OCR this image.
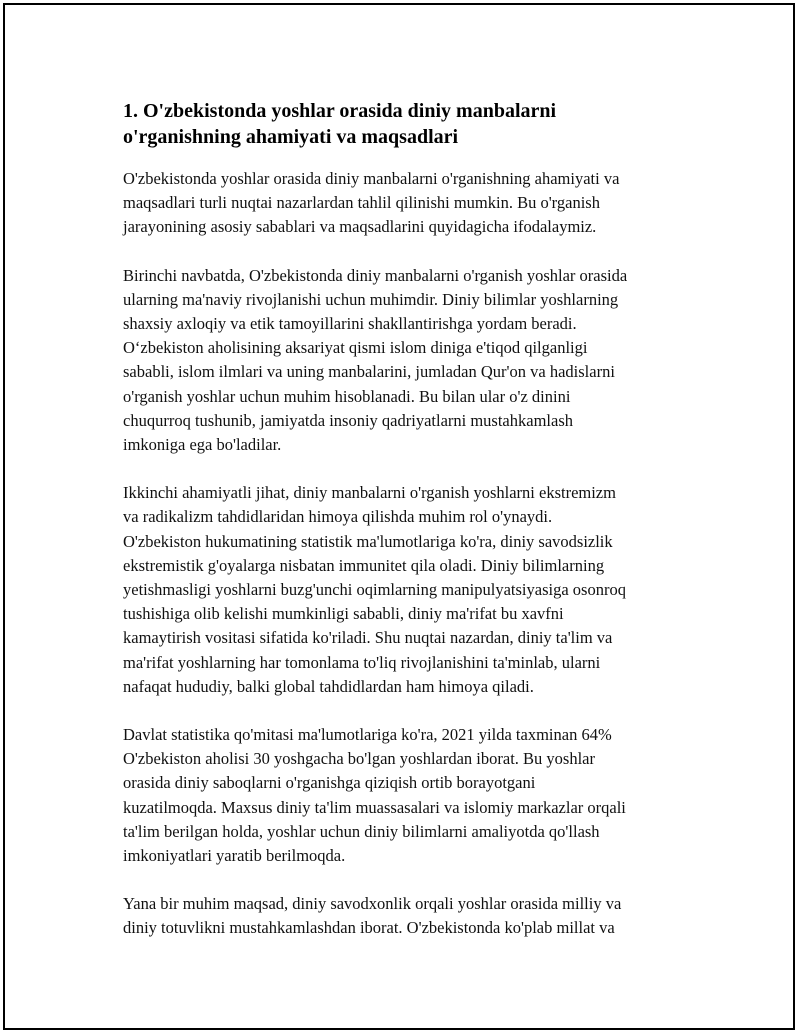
1. O'zbekistonda yoshlar orasida diniy manbalarni
o'rganishning ahamiyati va maqsadlari

O'zbekistonda yoshlar orasida diniy manbalarni o'rganishning ahamiyati va
maqsadlari turli nuqtai nazarlardan tahlil qilinishi mumkin. Bu o'rganish
jarayonining asosiy sabablari va maqsadlarini quyidagicha ifodalaymiz.

Birinchi navbatda, O'zbekistonda diniy manbalarni o'rganish yoshlar orasida
ularning ma'naviy rivojlanishi uchun muhimdir. Diniy bilimlar yoshlarning
shaxsiy axloqiy va etik tamoyillarini shakllantirishga yordam beradi.
O‘zbekiston aholisining aksariyat qismi islom diniga e'tiqod qilganligi
sababli, islom ilmlari va uning manbalarini, jumladan Qur'on va hadislarni
o'rganish yoshlar uchun muhim hisoblanadi. Bu bilan ular o'z dinini
chuqurroq tushunib, jamiyatda insoniy qadriyatlarni mustahkamlash
imkoniga ega bo'ladilar.

Ikkinchi ahamiyatli jihat, diniy manbalarni o'rganish yoshlarni ekstremizm
va radikalizm tahdidlaridan himoya qilishda muhim rol o'ynaydi.
O'zbekiston hukumatining statistik ma'lumotlariga ko'ra, diniy savodsizlik
ekstremistik g'oyalarga nisbatan immunitet qila oladi. Diniy bilimlarning
yetishmasligi yoshlarni buzg'unchi oqimlarning manipulyatsiyasiga osonroq
tushishiga olib kelishi mumkinligi sababli, diniy ma'rifat bu xavfni
kamaytirish vositasi sifatida ko'riladi. Shu nuqtai nazardan, diniy ta'lim va
ma'rifat yoshlarning har tomonlama to'liq rivojlanishini ta'minlab, ularni
nafaqat hududiy, balki global tahdidlardan ham himoya qiladi.

Davlat statistika qo'mitasi ma'lumotlariga ko'ra, 2021 yilda taxminan 64%
O'zbekiston aholisi 30 yoshgacha bo'lgan yoshlardan iborat. Bu yoshlar
orasida diniy saboqlarni o'rganishga qiziqish ortib borayotgani
kuzatilmoqda. Maxsus diniy ta'lim muassasalari va islomiy markazlar orqali
ta'lim berilgan holda, yoshlar uchun diniy bilimlarni amaliyotda qo'llash
imkoniyatlari yaratib berilmoqda.

Yana bir muhim maqsad, diniy savodxonlik orqali yoshlar orasida milliy va
diniy totuvlikni mustahkamlashdan iborat. O'zbekistonda ko'plab millat va
